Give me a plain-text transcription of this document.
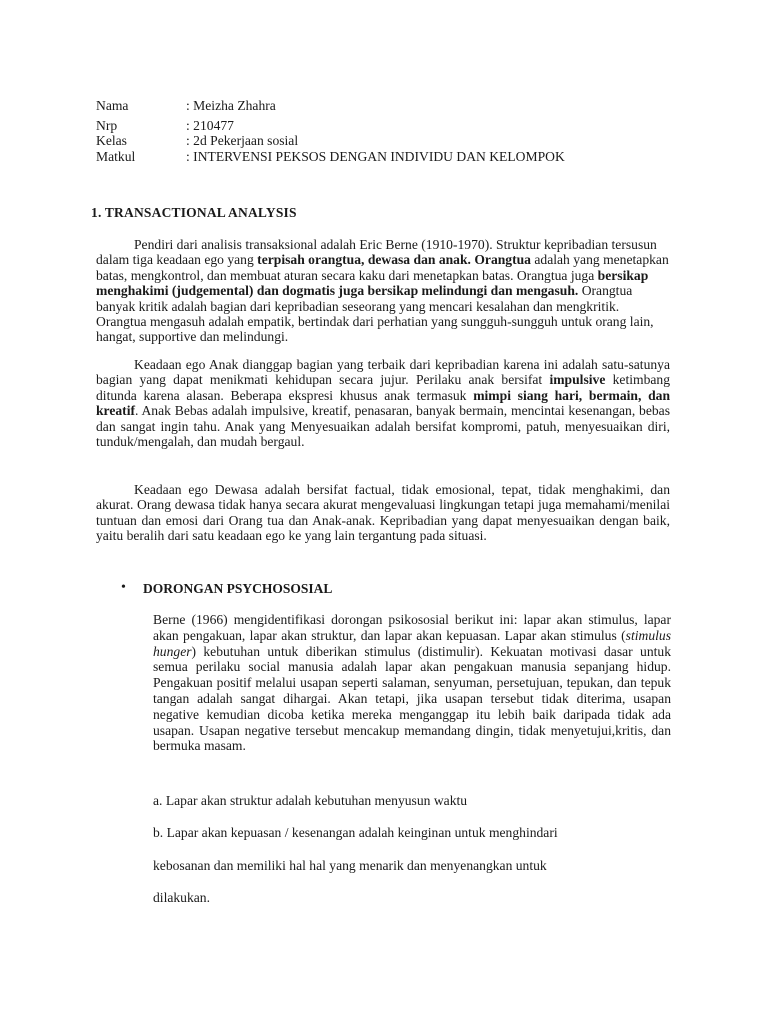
Nama	: Meizha Zhahra
Nrp	: 210477
Kelas	: 2d Pekerjaan sosial
Matkul	: INTERVENSI PEKSOS DENGAN INDIVIDU DAN KELOMPOK
1. TRANSACTIONAL ANALYSIS

Pendiri dari analisis transaksional adalah Eric Berne (1910-1970). Struktur kepribadian tersusun dalam tiga keadaan ego yang terpisah orangtua, dewasa dan anak. Orangtua adalah yang menetapkan batas, mengkontrol, dan membuat aturan secara kaku dari menetapkan batas. Orangtua juga bersikap menghakimi (judgemental) dan dogmatis juga bersikap melindungi dan mengasuh. Orangtua banyak kritik adalah bagian dari kepribadian seseorang yang mencari kesalahan dan mengkritik. Orangtua mengasuh adalah empatik, bertindak dari perhatian yang sungguh-sungguh untuk orang lain, hangat, supportive dan melindungi.

Keadaan ego Anak dianggap bagian yang terbaik dari kepribadian karena ini adalah satu-satunya bagian yang dapat menikmati kehidupan secara jujur. Perilaku anak bersifat impulsive ketimbang ditunda karena alasan. Beberapa ekspresi khusus anak termasuk mimpi siang hari, bermain, dan kreatif. Anak Bebas adalah impulsive, kreatif, penasaran, banyak bermain, mencintai kesenangan, bebas dan sangat ingin tahu. Anak yang Menyesuaikan adalah bersifat kompromi, patuh, menyesuaikan diri, tunduk/mengalah, dan mudah bergaul.

Keadaan ego Dewasa adalah bersifat factual, tidak emosional, tepat, tidak menghakimi, dan akurat. Orang dewasa tidak hanya secara akurat mengevaluasi lingkungan tetapi juga memahami/menilai tuntuan dan emosi dari Orang tua dan Anak-anak. Kepribadian yang dapat menyesuaikan dengan baik, yaitu beralih dari satu keadaan ego ke yang lain tergantung pada situasi.

• DORONGAN PSYCHOSOSIAL

Berne (1966) mengidentifikasi dorongan psikososial berikut ini: lapar akan stimulus, lapar akan pengakuan, lapar akan struktur, dan lapar akan kepuasan. Lapar akan stimulus (stimulus hunger) kebutuhan untuk diberikan stimulus (distimulir). Kekuatan motivasi dasar untuk semua perilaku social manusia adalah lapar akan pengakuan manusia sepanjang hidup. Pengakuan positif melalui usapan seperti salaman, senyuman, persetujuan, tepukan, dan tepuk tangan adalah sangat dihargai. Akan tetapi, jika usapan tersebut tidak diterima, usapan negative kemudian dicoba ketika mereka menganggap itu lebih baik daripada tidak ada usapan. Usapan negative tersebut mencakup memandang dingin, tidak menyetujui,kritis, dan bermuka masam.

a. Lapar akan struktur adalah kebutuhan menyusun waktu
b. Lapar akan kepuasan / kesenangan adalah keinginan untuk menghindari
kebosanan dan memiliki hal hal yang menarik dan menyenangkan untuk
dilakukan.
